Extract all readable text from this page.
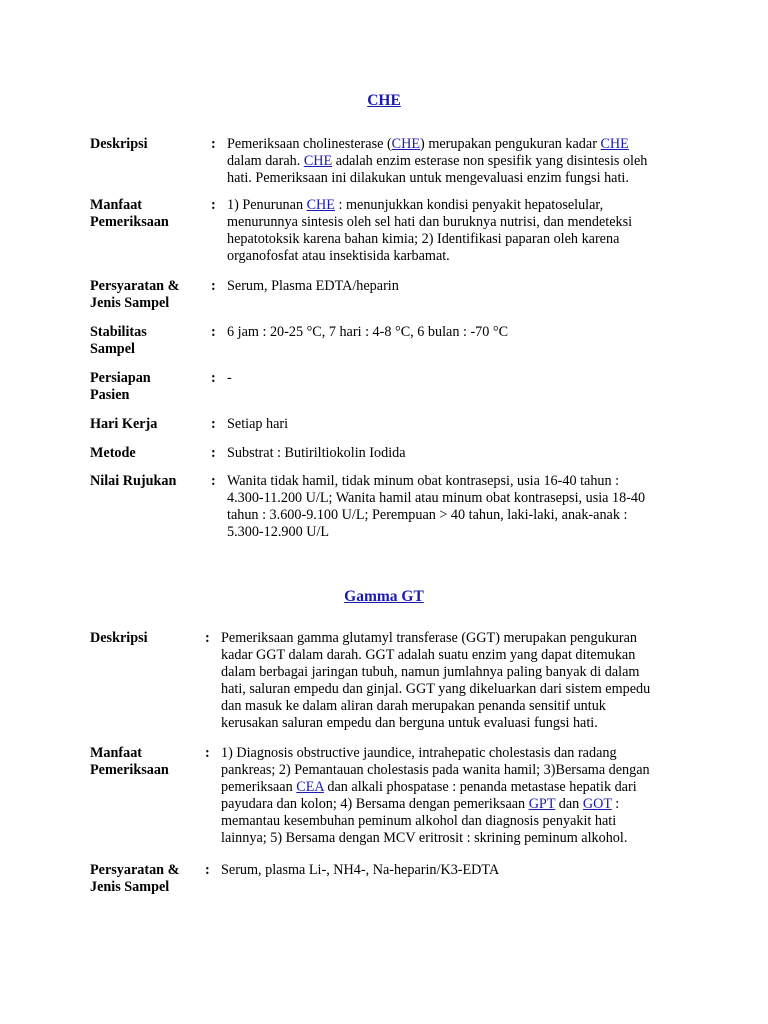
CHE
Deskripsi	: Pemeriksaan cholinesterase (CHE) merupakan pengukuran kadar CHE
dalam darah. CHE adalah enzim esterase non spesifik yang disintesis oleh
hati. Pemeriksaan ini dilakukan untuk mengevaluasi enzim fungsi hati.
Manfaat
Pemeriksaan
: 1) Penurunan CHE : menunjukkan kondisi penyakit hepatoselular,
menurunnya sintesis oleh sel hati dan buruknya nutrisi, dan mendeteksi
hepatotoksik karena bahan kimia; 2) Identifikasi paparan oleh karena
organofosfat atau insektisida karbamat.
Persyaratan &
Jenis Sampel
: Serum, Plasma EDTA/heparin
Stabilitas
Sampel
: 6 jam : 20-25 °C, 7 hari : 4-8 °C, 6 bulan : -70 °C
Persiapan
Pasien
: -
Hari Kerja	: Setiap hari
Metode	: Substrat : Butiriltiokolin Iodida
Nilai Rujukan : Wanita tidak hamil, tidak minum obat kontrasepsi, usia 16-40 tahun :
4.300-11.200 U/L; Wanita hamil atau minum obat kontrasepsi, usia 18-40
tahun : 3.600-9.100 U/L; Perempuan > 40 tahun, laki-laki, anak-anak :
5.300-12.900 U/L
Gamma GT
Deskripsi	: Pemeriksaan gamma glutamyl transferase (GGT) merupakan pengukuran
kadar GGT dalam darah. GGT adalah suatu enzim yang dapat ditemukan
dalam berbagai jaringan tubuh, namun jumlahnya paling banyak di dalam
hati, saluran empedu dan ginjal. GGT yang dikeluarkan dari sistem empedu
dan masuk ke dalam aliran darah merupakan penanda sensitif untuk
kerusakan saluran empedu dan berguna untuk evaluasi fungsi hati.
Manfaat
Pemeriksaan
: 1) Diagnosis obstructive jaundice, intrahepatic cholestasis dan radang
pankreas; 2) Pemantauan cholestasis pada wanita hamil; 3)Bersama dengan
pemeriksaan CEA dan alkali phospatase : penanda metastase hepatik dari
payudara dan kolon; 4) Bersama dengan pemeriksaan GPT dan GOT :
memantau kesembuhan peminum alkohol dan diagnosis penyakit hati
lainnya; 5) Bersama dengan MCV eritrosit : skrining peminum alkohol.
Persyaratan &
Jenis Sampel
: Serum, plasma Li-, NH4-, Na-heparin/K3-EDTA
